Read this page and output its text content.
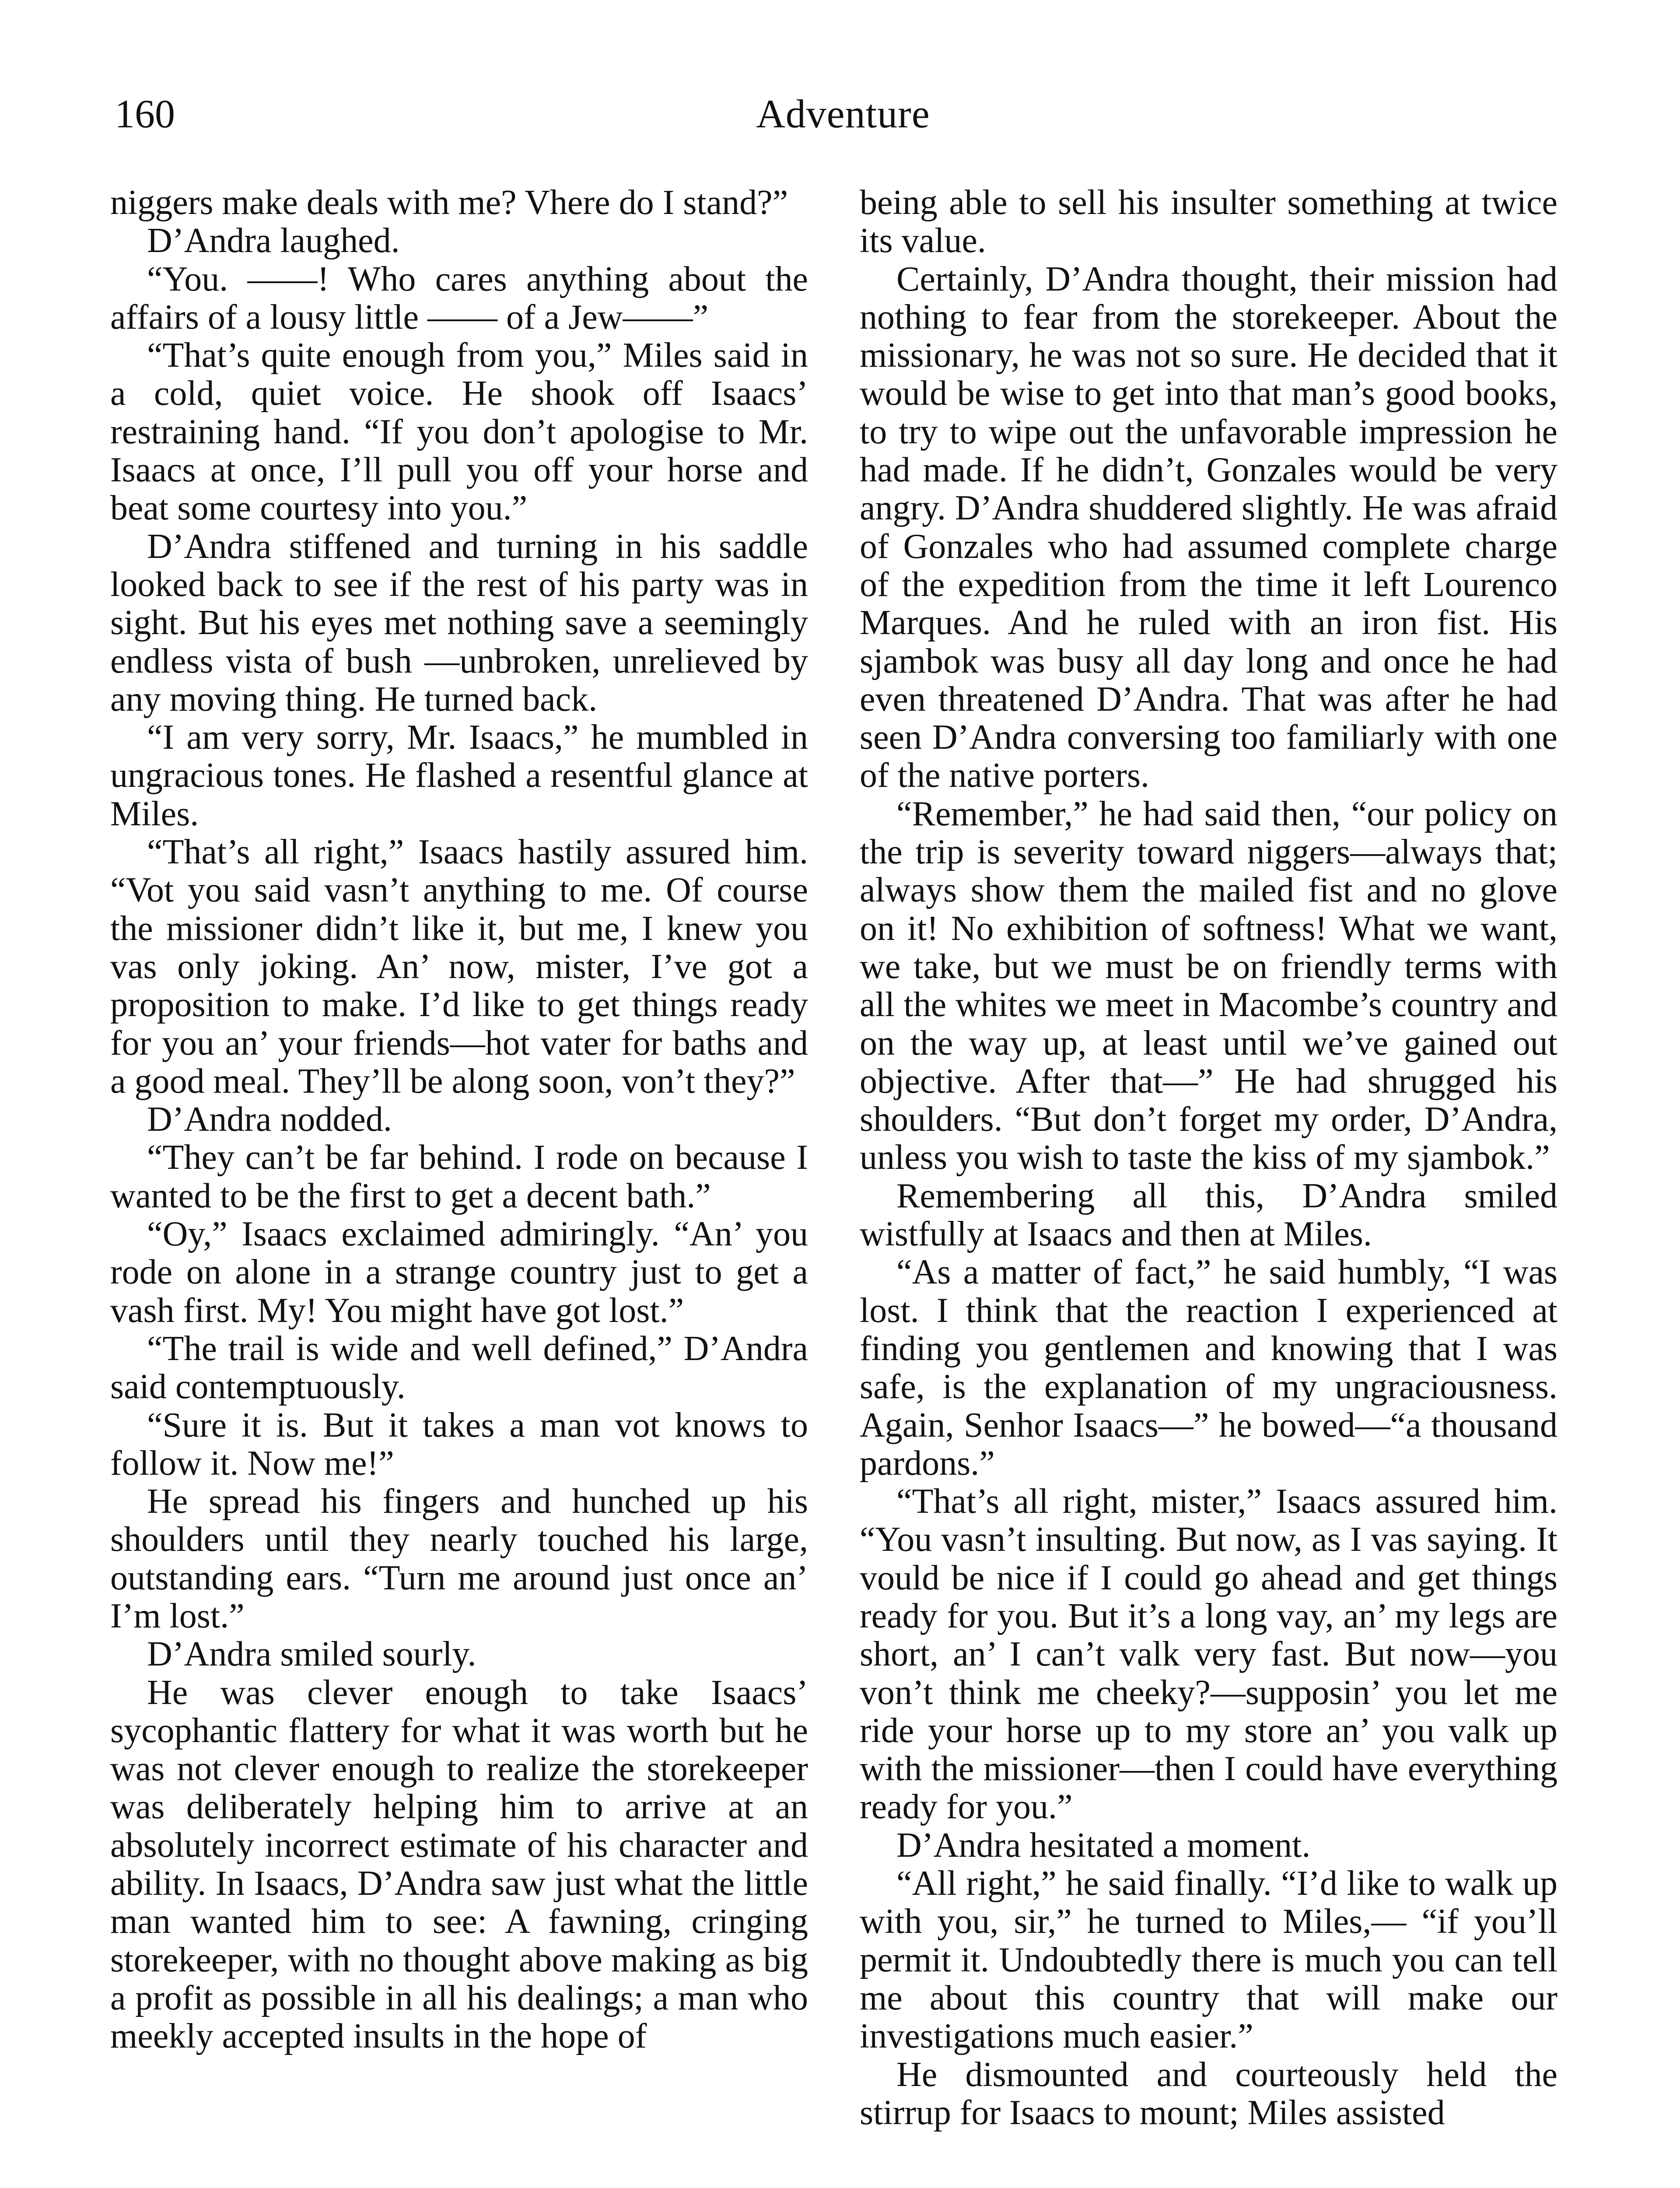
160	Adventure

niggers make deals with me? Vhere do I stand?”

D’Andra laughed.

“You. ——! Who cares anything about the affairs of a lousy little —— of a Jew——”

“That’s quite enough from you,” Miles said in a cold, quiet voice. He shook off Isaacs’ restraining hand. “If you don’t apologise to Mr. Isaacs at once, I’ll pull you off your horse and beat some courtesy into you.”

D’Andra stiffened and turning in his saddle looked back to see if the rest of his party was in sight. But his eyes met nothing save a seemingly endless vista of bush —unbroken, unrelieved by any moving thing. He turned back.

“I am very sorry, Mr. Isaacs,” he mumbled in ungracious tones. He flashed a resentful glance at Miles.

“That’s all right,” Isaacs hastily assured him. “Vot you said vasn’t anything to me. Of course the missioner didn’t like it, but me, I knew you vas only joking. An’ now, mister, I’ve got a proposition to make. I’d like to get things ready for you an’ your friends—hot vater for baths and a good meal. They’ll be along soon, von’t they?”

D’Andra nodded.

“They can’t be far behind. I rode on because I wanted to be the first to get a decent bath.”

“Oy,” Isaacs exclaimed admiringly. “An’ you rode on alone in a strange country just to get a vash first. My! You might have got lost.”

“The trail is wide and well defined,” D’Andra said contemptuously.

“Sure it is. But it takes a man vot knows to follow it. Now me!”

He spread his fingers and hunched up his shoulders until they nearly touched his large, outstanding ears. “Turn me around just once an’ I’m lost.”

D’Andra smiled sourly.

He was clever enough to take Isaacs’ sycophantic flattery for what it was worth but he was not clever enough to realize the storekeeper was deliberately helping him to arrive at an absolutely incorrect estimate of his character and ability. In Isaacs, D’Andra saw just what the little man wanted him to see: A fawning, cringing storekeeper, with no thought above making as big a profit as possible in all his dealings; a man who meekly accepted insults in the hope of

being able to sell his insulter something at twice its value.

Certainly, D’Andra thought, their mission had nothing to fear from the storekeeper. About the missionary, he was not so sure. He decided that it would be wise to get into that man’s good books, to try to wipe out the unfavorable impression he had made. If he didn’t, Gonzales would be very angry. D’Andra shuddered slightly. He was afraid of Gonzales who had assumed complete charge of the expedition from the time it left Lourenco Marques. And he ruled with an iron fist. His sjambok was busy all day long and once he had even threatened D’Andra. That was after he had seen D’Andra conversing too familiarly with one of the native porters.

“Remember,” he had said then, “our policy on the trip is severity toward niggers—always that; always show them the mailed fist and no glove on it! No exhibition of softness! What we want, we take, but we must be on friendly terms with all the whites we meet in Macombe’s country and on the way up, at least until we’ve gained out objective. After that—” He had shrugged his shoulders. “But don’t forget my order, D’Andra, unless you wish to taste the kiss of my sjambok.”

Remembering all this, D’Andra smiled wistfully at Isaacs and then at Miles.

“As a matter of fact,” he said humbly, “I was lost. I think that the reaction I experienced at finding you gentlemen and knowing that I was safe, is the explanation of my ungraciousness. Again, Senhor Isaacs—” he bowed—“a thousand pardons.”

“That’s all right, mister,” Isaacs assured him. “You vasn’t insulting. But now, as I vas saying. It vould be nice if I could go ahead and get things ready for you. But it’s a long vay, an’ my legs are short, an’ I can’t valk very fast. But now—you von’t think me cheeky?—supposin’ you let me ride your horse up to my store an’ you valk up with the missioner—then I could have everything ready for you.”

D’Andra hesitated a moment.

“All right,” he said finally. “I’d like to walk up with you, sir,” he turned to Miles,— “if you’ll permit it. Undoubtedly there is much you can tell me about this country that will make our investigations much easier.”

He dismounted and courteously held the stirrup for Isaacs to mount; Miles assisted
